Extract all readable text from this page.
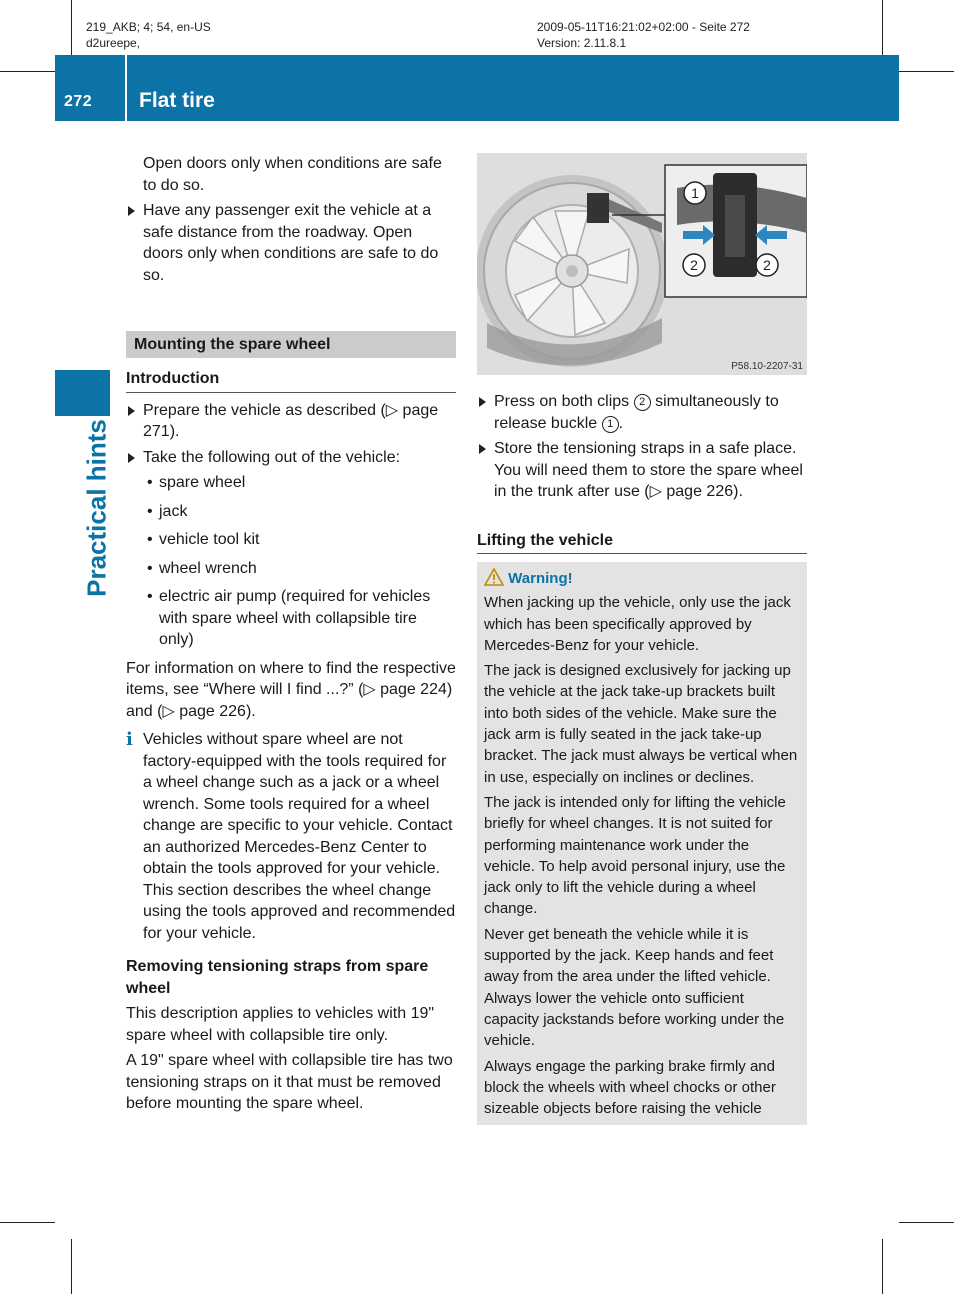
219_AKB; 4; 54, en-US
d2ureepe,
2009-05-11T16:21:02+02:00 - Seite 272
Version: 2.11.8.1
272 Flat tire
Practical hints

Open doors only when conditions are safe to do so.

Have any passenger exit the vehicle at a safe distance from the roadway. Open doors only when conditions are safe to do so.

Mounting the spare wheel
Introduction

Prepare the vehicle as described (▷ page 271).

Take the following out of the vehicle:

• spare wheel

• jack

• vehicle tool kit

• wheel wrench

• electric air pump (required for vehicles with spare wheel with collapsible tire only)

For information on where to find the respective items, see “Where will I find ...?” (▷ page 224) and (▷ page 226).

i Vehicles without spare wheel are not factory-equipped with the tools required for a wheel change such as a jack or a wheel wrench. Some tools required for a wheel change are specific to your vehicle. Contact an authorized Mercedes-Benz Center to obtain the tools approved for your vehicle. This section describes the wheel change using the tools approved and recommended for your vehicle.

Removing tensioning straps from spare wheel

This description applies to vehicles with 19" spare wheel with collapsible tire only.

A 19" spare wheel with collapsible tire has two tensioning straps on it that must be removed before mounting the spare wheel.

1
2	2
P58.10-2207-31

Press on both clips 2 simultaneously to release buckle 1 .

Store the tensioning straps in a safe place. You will need them to store the spare wheel in the trunk after use (▷ page 226).

Lifting the vehicle
Warning!

When jacking up the vehicle, only use the jack which has been specifically approved by Mercedes-Benz for your vehicle.

The jack is designed exclusively for jacking up the vehicle at the jack take-up brackets built into both sides of the vehicle. Make sure the jack arm is fully seated in the jack take-up bracket. The jack must always be vertical when in use, especially on inclines or declines.

The jack is intended only for lifting the vehicle briefly for wheel changes. It is not suited for performing maintenance work under the vehicle. To help avoid personal injury, use the jack only to lift the vehicle during a wheel change.

Never get beneath the vehicle while it is supported by the jack. Keep hands and feet away from the area under the lifted vehicle. Always lower the vehicle onto sufficient capacity jackstands before working under the vehicle.

Always engage the parking brake firmly and block the wheels with wheel chocks or other sizeable objects before raising the vehicle
